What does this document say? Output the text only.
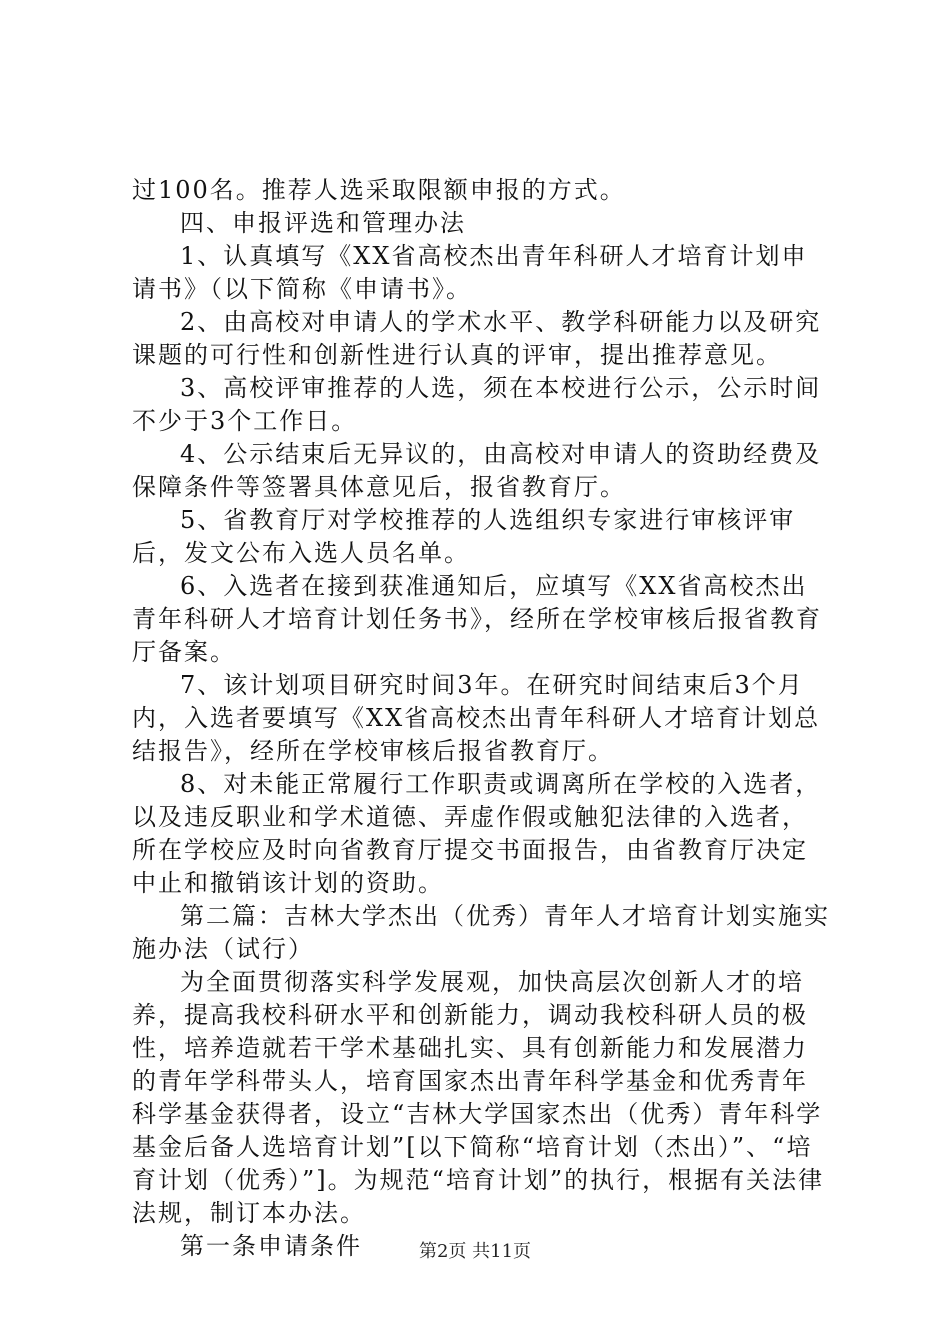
过100名。推荐人选采取限额申报的方式。

四、申报评选和管理办法

1、认真填写《XX省高校杰出青年科研人才培育计划申请书》（以下简称《申请书》。

2、由高校对申请人的学术水平、教学科研能力以及研究课题的可行性和创新性进行认真的评审，提出推荐意见。

3、高校评审推荐的人选，须在本校进行公示，公示时间不少于3个工作日。

4、公示结束后无异议的，由高校对申请人的资助经费及保障条件等签署具体意见后，报省教育厅。

5、省教育厅对学校推荐的人选组织专家进行审核评审后，发文公布入选人员名单。

6、入选者在接到获准通知后，应填写《XX省高校杰出青年科研人才培育计划任务书》，经所在学校审核后报省教育厅备案。

7、该计划项目研究时间3年。在研究时间结束后3个月内，入选者要填写《XX省高校杰出青年科研人才培育计划总结报告》，经所在学校审核后报省教育厅。

8、对未能正常履行工作职责或调离所在学校的入选者，以及违反职业和学术道德、弄虚作假或触犯法律的入选者，所在学校应及时向省教育厅提交书面报告，由省教育厅决定中止和撤销该计划的资助。

第二篇：吉林大学杰出（优秀）青年人才培育计划实施实施办法（试行）

为全面贯彻落实科学发展观，加快高层次创新人才的培养，提高我校科研水平和创新能力，调动我校科研人员的极性，培养造就若干学术基础扎实、具有创新能力和发展潜力的青年学科带头人，培育国家杰出青年科学基金和优秀青年科学基金获得者，设立“吉林大学国家杰出（优秀）青年科学基金后备人选培育计划”[以下简称“培育计划（杰出）”、“培育计划（优秀）”]。为规范“培育计划”的执行，根据有关法律法规，制订本办法。

第一条申请条件	第2页 共11页
